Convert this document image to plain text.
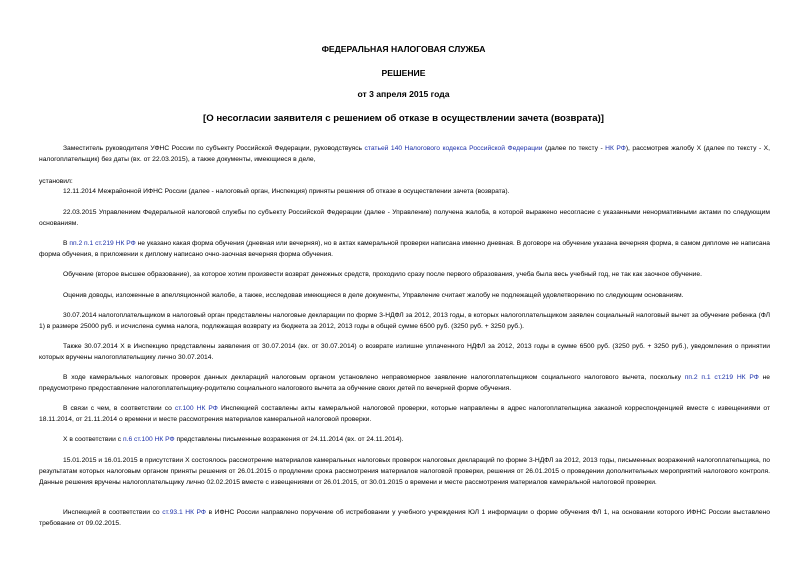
ФЕДЕРАЛЬНАЯ НАЛОГОВАЯ СЛУЖБА
РЕШЕНИЕ
от 3 апреля 2015 года
[О несогласии заявителя с решением об отказе в осуществлении зачета (возврата)]
Заместитель руководителя УФНС России по субъекту Российской Федерации, руководствуясь статьей 140 Налогового кодекса Российской Федерации (далее по тексту - НК РФ), рассмотрев жалобу X (далее по тексту - X, налогоплательщик) без даты (вх. от 22.03.2015), а также документы, имеющиеся в деле,
установил:
12.11.2014 Межрайонной ИФНС России (далее - налоговый орган, Инспекция) приняты решения об отказе в осуществлении зачета (возврата).
22.03.2015 Управлением Федеральной налоговой службы по субъекту Российской Федерации (далее - Управление) получена жалоба, в которой выражено несогласие с указанными ненормативными актами по следующим основаниям.
В пп.2 п.1 ст.219 НК РФ не указано какая форма обучения (дневная или вечерняя), но в актах камеральной проверки написана именно дневная. В договоре на обучение указана вечерняя форма, в самом дипломе не написана форма обучения, в приложении к диплому написано очно-заочная вечерняя форма обучения.
Обучение (второе высшее образование), за которое хотим произвести возврат денежных средств, проходило сразу после первого образования, учеба была весь учебный год, не так как заочное обучение.
Оценив доводы, изложенные в апелляционной жалобе, а также, исследовав имеющиеся в деле документы, Управление считает жалобу не подлежащей удовлетворению по следующим основаниям.
30.07.2014 налогоплательщиком в налоговый орган представлены налоговые декларации по форме 3-НДФЛ за 2012, 2013 годы, в которых налогоплательщиком заявлен социальный налоговый вычет за обучение ребенка (ФЛ 1) в размере 25000 руб. и исчислена сумма налога, подлежащая возврату из бюджета за 2012, 2013 годы в общей сумме 6500 руб. (3250 руб. + 3250 руб.).
Также 30.07.2014 X в Инспекцию представлены заявления от 30.07.2014 (вх. от 30.07.2014) о возврате излишне уплаченного НДФЛ за 2012, 2013 годы в сумме 6500 руб. (3250 руб. + 3250 руб.), уведомления о принятии которых вручены налогоплательщику лично 30.07.2014.
В ходе камеральных налоговых проверок данных деклараций налоговым органом установлено неправомерное заявление налогоплательщиком социального налогового вычета, поскольку пп.2 п.1 ст.219 НК РФ не предусмотрено предоставление налогоплательщику-родителю социального налогового вычета за обучение своих детей по вечерней форме обучения.
В связи с чем, в соответствии со ст.100 НК РФ Инспекцией составлены акты камеральной налоговой проверки, которые направлены в адрес налогоплательщика заказной корреспонденцией вместе с извещениями от 18.11.2014, от 21.11.2014 о времени и месте рассмотрения материалов камеральной налоговой проверки.
X в соответствии с п.6 ст.100 НК РФ представлены письменные возражения от 24.11.2014 (вх. от 24.11.2014).
15.01.2015 и 16.01.2015 в присутствии X состоялось рассмотрение материалов камеральных налоговых проверок налоговых деклараций по форме 3-НДФЛ за 2012, 2013 годы, письменных возражений налогоплательщика, по результатам которых налоговым органом приняты решения от 26.01.2015 о продлении срока рассмотрения материалов налоговой проверки, решения от 26.01.2015 о проведении дополнительных мероприятий налогового контроля. Данные решения вручены налогоплательщику лично 02.02.2015 вместе с извещениями от 26.01.2015, от 30.01.2015 о времени и месте рассмотрения материалов камеральной налоговой проверки.
Инспекцией в соответствии со ст.93.1 НК РФ в ИФНС России направлено поручение об истребовании у учебного учреждения ЮЛ 1 информации о форме обучения ФЛ 1, на основании которого ИФНС России выставлено требование от 09.02.2015.
